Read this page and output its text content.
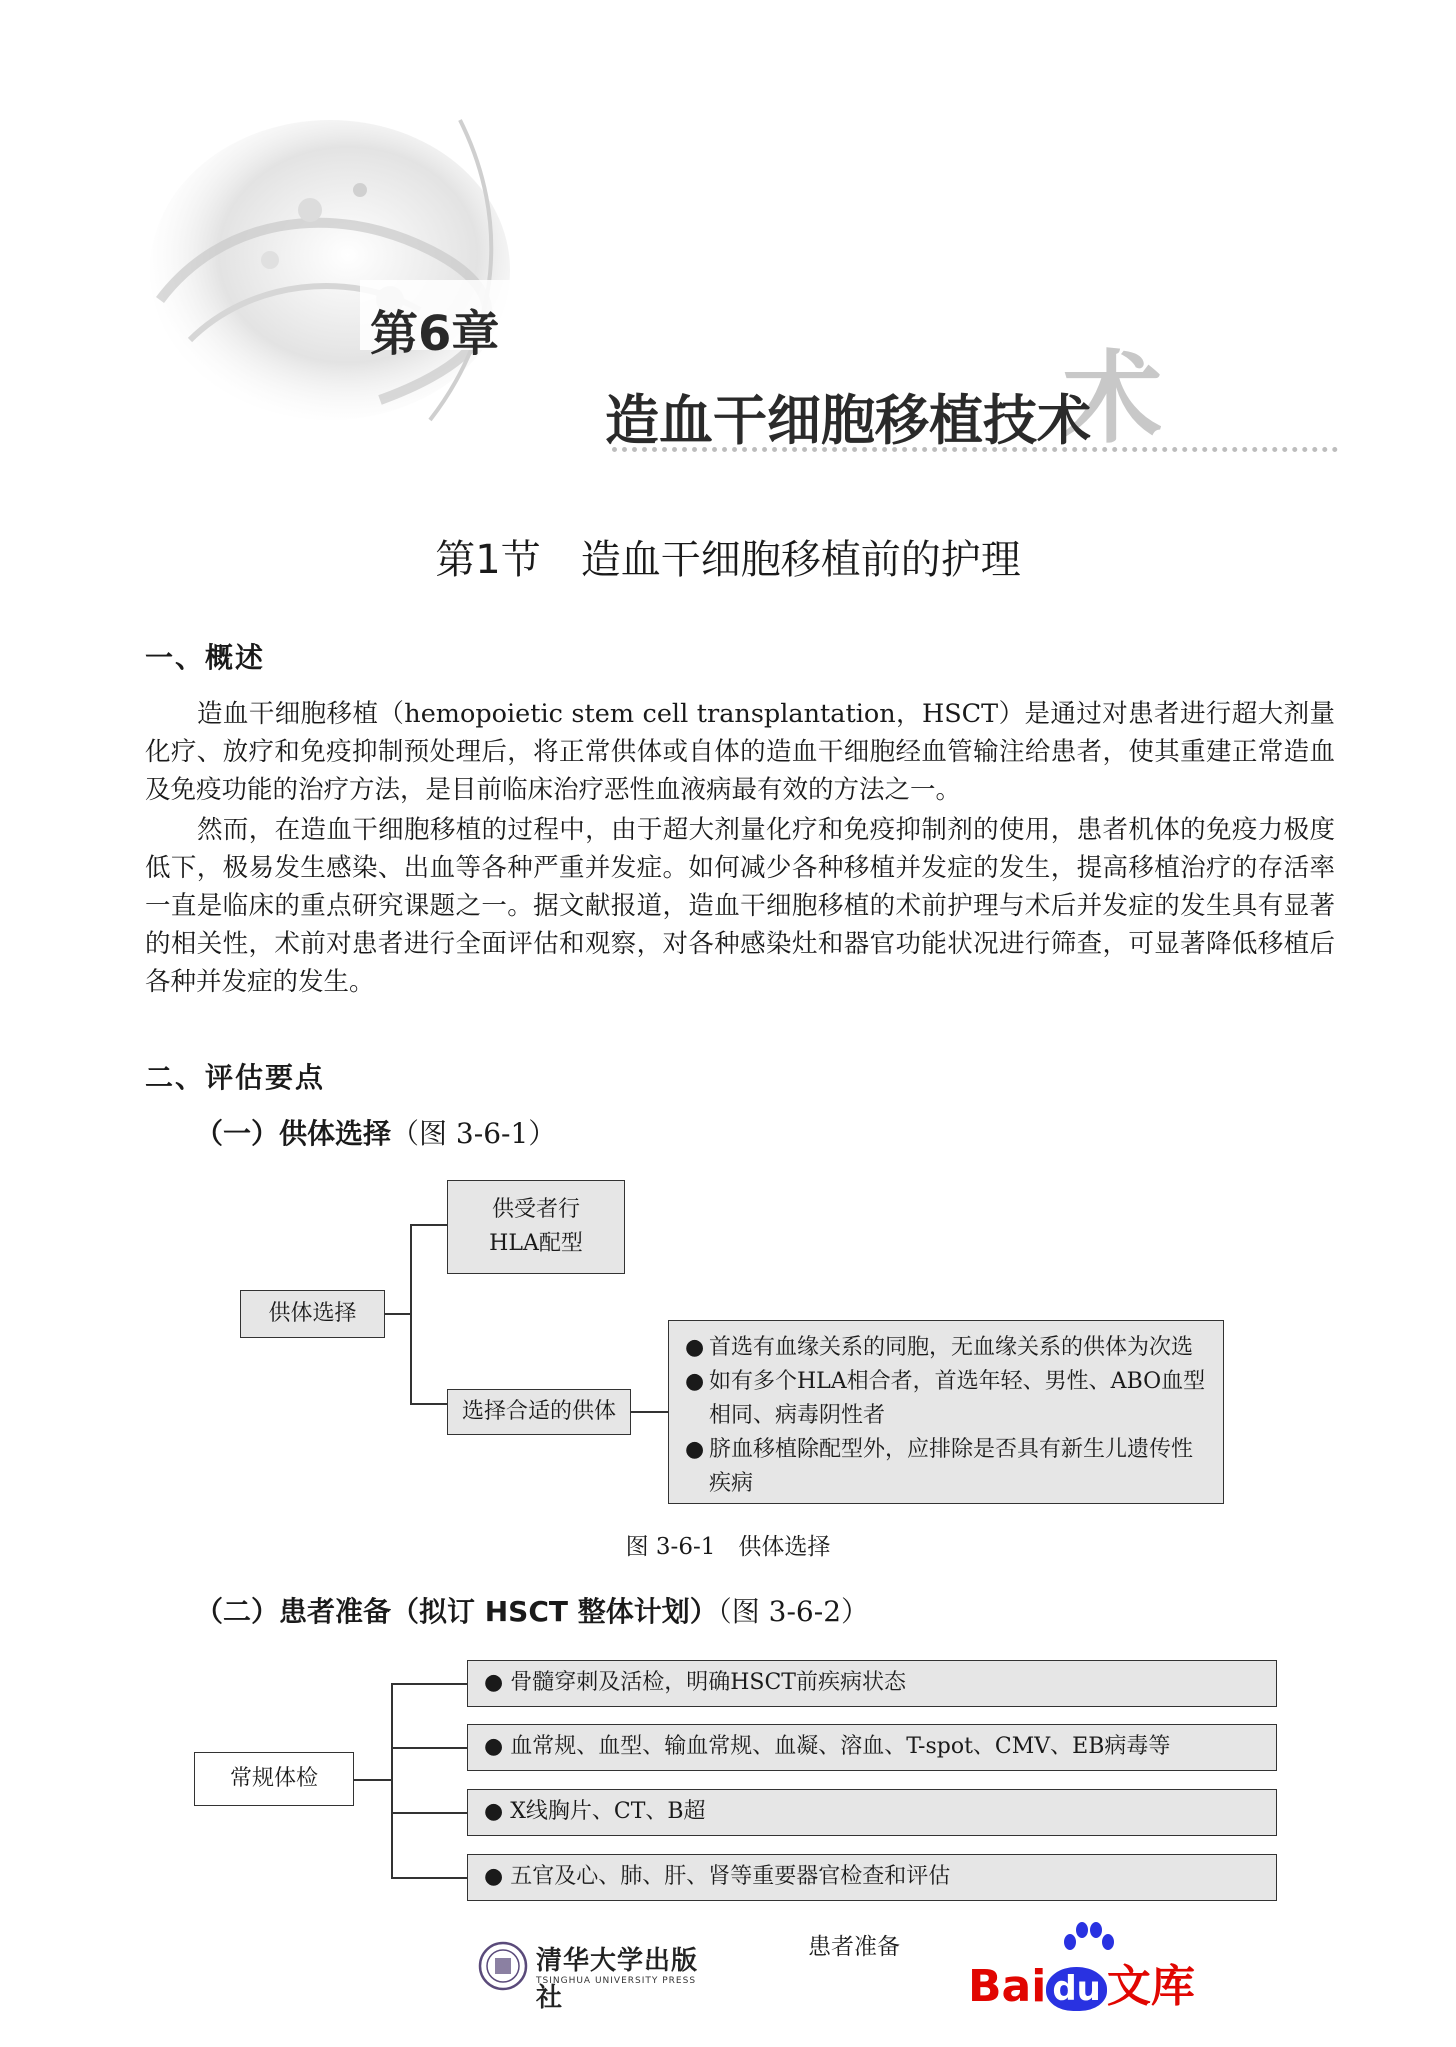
术
第6章
造血干细胞移植技术
第1节　造血干细胞移植前的护理
一、概述
造血干细胞移植（hemopoietic stem cell transplantation，HSCT）是通过对患者进行超大剂量化疗、放疗和免疫抑制预处理后，将正常供体或自体的造血干细胞经血管输注给患者，使其重建正常造血及免疫功能的治疗方法，是目前临床治疗恶性血液病最有效的方法之一。
然而，在造血干细胞移植的过程中，由于超大剂量化疗和免疫抑制剂的使用，患者机体的免疫力极度低下，极易发生感染、出血等各种严重并发症。如何减少各种移植并发症的发生，提高移植治疗的存活率一直是临床的重点研究课题之一。据文献报道，造血干细胞移植的术前护理与术后并发症的发生具有显著的相关性，术前对患者进行全面评估和观察，对各种感染灶和器官功能状况进行筛查，可显著降低移植后各种并发症的发生。
二、评估要点
（一）供体选择（图 3-6-1）
供体选择
供受者行
HLA配型
选择合适的供体
● 首选有血缘关系的同胞，无血缘关系的供体为次选
● 如有多个HLA相合者，首选年轻、男性、ABO血型相同、病毒阴性者
● 脐血移植除配型外，应排除是否具有新生儿遗传性疾病
图 3-6-1　供体选择
（二）患者准备（拟订 HSCT 整体计划）（图 3-6-2）
常规体检
● 骨髓穿刺及活检，明确HSCT前疾病状态
● 血常规、血型、输血常规、血凝、溶血、T-spot、CMV、EB病毒等
● X线胸片、CT、B超
● 五官及心、肺、肝、肾等重要器官检查和评估
患者准备
清华大学出版社
TSINGHUA UNIVERSITY PRESS	Bai du 文库
